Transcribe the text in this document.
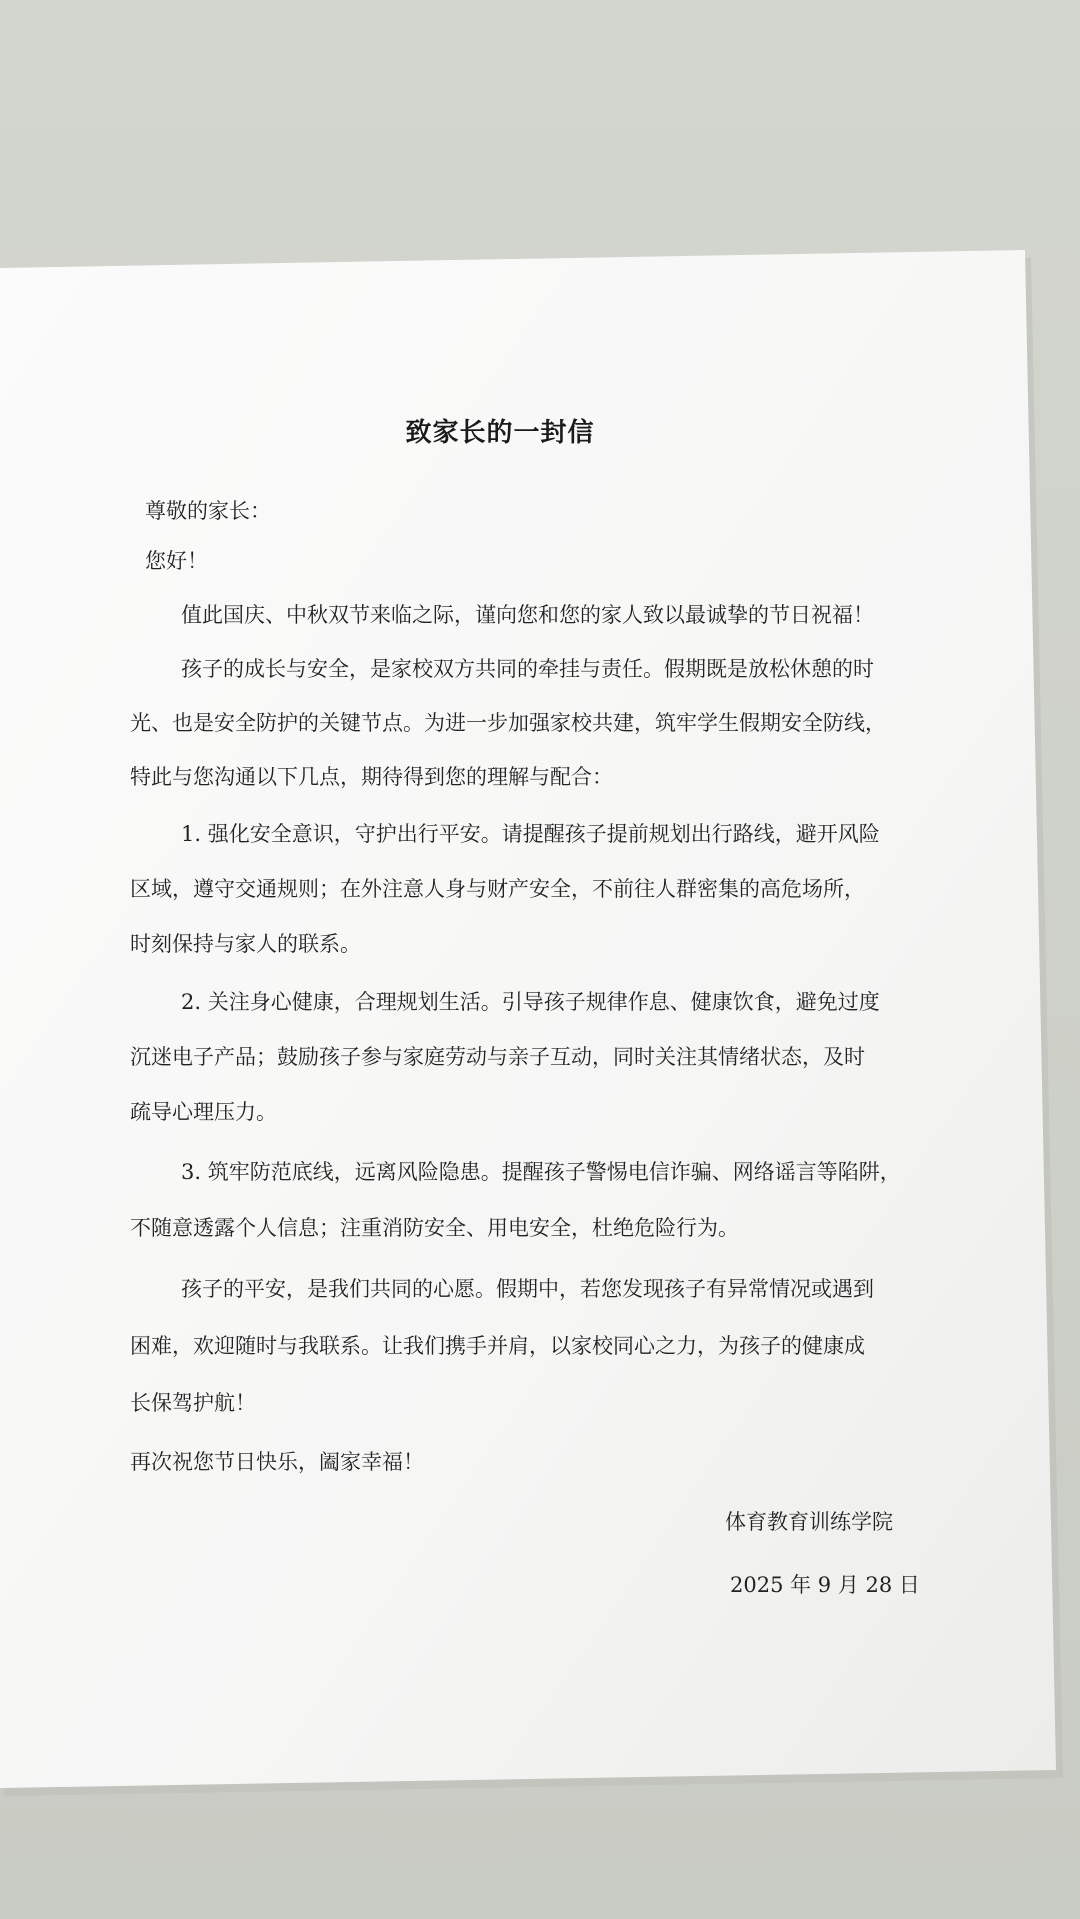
致家长的一封信
尊敬的家长：
您好！
值此国庆、中秋双节来临之际，谨向您和您的家人致以最诚挚的节日祝福！
孩子的成长与安全，是家校双方共同的牵挂与责任。假期既是放松休憩的时
光、也是安全防护的关键节点。为进一步加强家校共建，筑牢学生假期安全防线，
特此与您沟通以下几点，期待得到您的理解与配合：
1. 强化安全意识，守护出行平安。请提醒孩子提前规划出行路线，避开风险
区域，遵守交通规则；在外注意人身与财产安全，不前往人群密集的高危场所，
时刻保持与家人的联系。
2. 关注身心健康，合理规划生活。引导孩子规律作息、健康饮食，避免过度
沉迷电子产品；鼓励孩子参与家庭劳动与亲子互动，同时关注其情绪状态，及时
疏导心理压力。
3. 筑牢防范底线，远离风险隐患。提醒孩子警惕电信诈骗、网络谣言等陷阱，
不随意透露个人信息；注重消防安全、用电安全，杜绝危险行为。
孩子的平安，是我们共同的心愿。假期中，若您发现孩子有异常情况或遇到
困难，欢迎随时与我联系。让我们携手并肩，以家校同心之力，为孩子的健康成
长保驾护航！
再次祝您节日快乐，阖家幸福！
体育教育训练学院
2025 年 9 月 28 日
